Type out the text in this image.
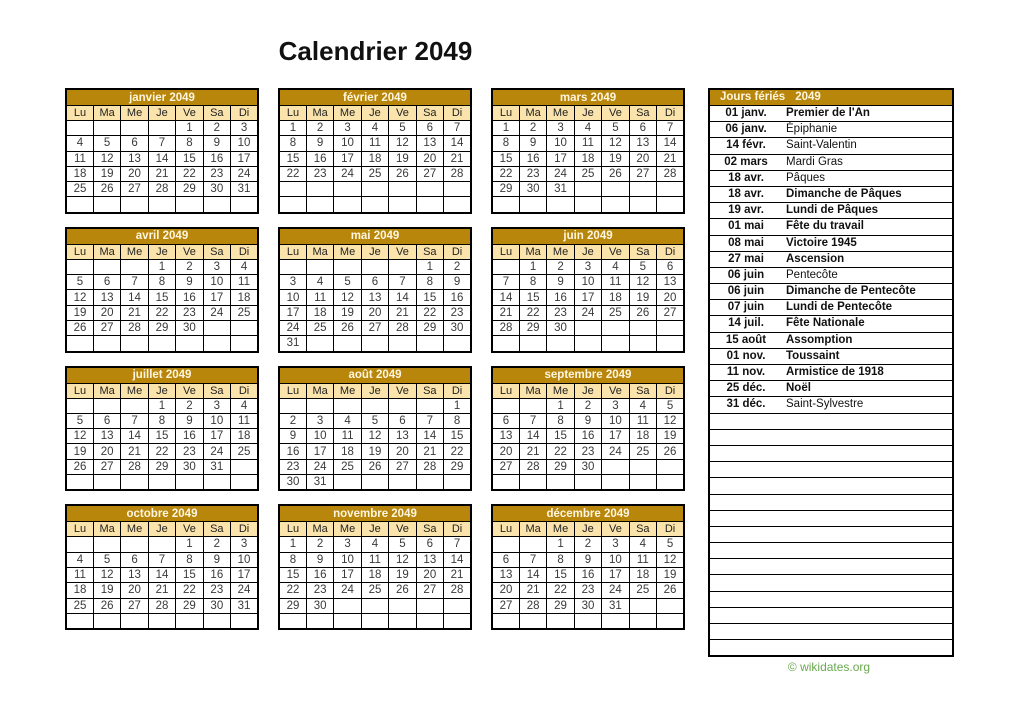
Calendrier 2049
janvier 2049						
Lu	Ma	Me	Je	Ve	Sa	Di
				1	2	3
4	5	6	7	8	9	10
11	12	13	14	15	16	17
18	19	20	21	22	23	24
25	26	27	28	29	30	31

février 2049						
Lu	Ma	Me	Je	Ve	Sa	Di
1	2	3	4	5	6	7
8	9	10	11	12	13	14
15	16	17	18	19	20	21
22	23	24	25	26	27	28

mars 2049						
Lu	Ma	Me	Je	Ve	Sa	Di
1	2	3	4	5	6	7
8	9	10	11	12	13	14
15	16	17	18	19	20	21
22	23	24	25	26	27	28
29	30	31				

avril 2049						
Lu	Ma	Me	Je	Ve	Sa	Di
			1	2	3	4
5	6	7	8	9	10	11
12	13	14	15	16	17	18
19	20	21	22	23	24	25
26	27	28	29	30		

mai 2049						
Lu	Ma	Me	Je	Ve	Sa	Di
					1	2
3	4	5	6	7	8	9
10	11	12	13	14	15	16
17	18	19	20	21	22	23
24	25	26	27	28	29	30
31						
juin 2049						
Lu	Ma	Me	Je	Ve	Sa	Di
	1	2	3	4	5	6
7	8	9	10	11	12	13
14	15	16	17	18	19	20
21	22	23	24	25	26	27
28	29	30				

juillet 2049						
Lu	Ma	Me	Je	Ve	Sa	Di
			1	2	3	4
5	6	7	8	9	10	11
12	13	14	15	16	17	18
19	20	21	22	23	24	25
26	27	28	29	30	31	

août 2049						
Lu	Ma	Me	Je	Ve	Sa	Di
						1
2	3	4	5	6	7	8
9	10	11	12	13	14	15
16	17	18	19	20	21	22
23	24	25	26	27	28	29
30	31					
septembre 2049						
Lu	Ma	Me	Je	Ve	Sa	Di
		1	2	3	4	5
6	7	8	9	10	11	12
13	14	15	16	17	18	19
20	21	22	23	24	25	26
27	28	29	30			

octobre 2049						
Lu	Ma	Me	Je	Ve	Sa	Di
				1	2	3
4	5	6	7	8	9	10
11	12	13	14	15	16	17
18	19	20	21	22	23	24
25	26	27	28	29	30	31

novembre 2049						
Lu	Ma	Me	Je	Ve	Sa	Di
1	2	3	4	5	6	7
8	9	10	11	12	13	14
15	16	17	18	19	20	21
22	23	24	25	26	27	28
29	30					

décembre 2049						
Lu	Ma	Me	Je	Ve	Sa	Di
		1	2	3	4	5
6	7	8	9	10	11	12
13	14	15	16	17	18	19
20	21	22	23	24	25	26
27	28	29	30	31		

Jours fériés 2049
01 janv. Premier de l'An
06 janv. Épiphanie
14 févr. Saint-Valentin
02 mars Mardi Gras
18 avr. Pâques
18 avr. Dimanche de Pâques
19 avr. Lundi de Pâques
01 mai Fête du travail
08 mai Victoire 1945
27 mai Ascension
06 juin Pentecôte
06 juin Dimanche de Pentecôte
07 juin Lundi de Pentecôte
14 juil. Fête Nationale
15 août Assomption
01 nov. Toussaint
11 nov. Armistice de 1918
25 déc. Noël
31 déc. Saint-Sylvestre
© wikidates.org
